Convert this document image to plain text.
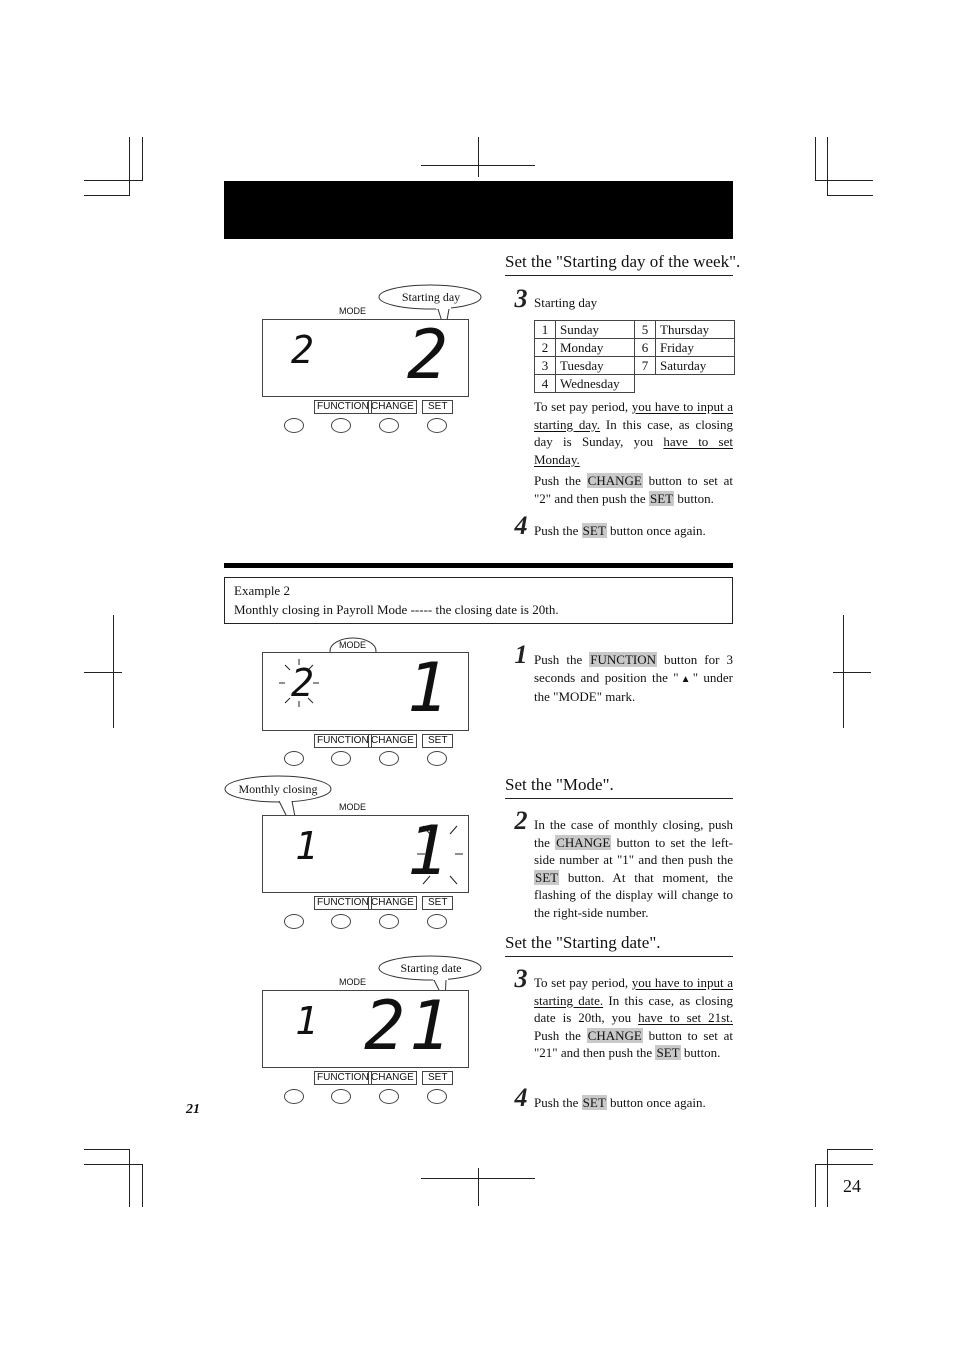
Set the "Starting day of the week".
3 Starting day
1	Sunday	5	Thursday
2	Monday	6	Friday
3	Tuesday	7	Saturday
4	Wednesday		
To set pay period, you have to input a starting day. In this case, as closing day is Sunday, you have to set Monday.
Push the CHANGE button to set at "2" and then push the SET button.
4 Push the SET button once again.
Starting day
MODE
2 2
FUNCTION CHANGE	SET
Example 2
Monthly closing in Payroll Mode ----- the closing date is 20th.
1 Push the FUNCTION button for 3 seconds and position the "▲" under the "MODE" mark.
MODE
2 1
FUNCTION CHANGE	SET
Set the "Mode".
2 In the case of monthly closing, push the CHANGE button to set the left-side number at "1" and then push the SET button. At that moment, the flashing of the display will change to the right-side number.
Monthly closing
MODE
1 1
FUNCTION CHANGE	SET
Set the "Starting date".
3 To set pay period, you have to input a starting date. In this case, as closing date is 20th, you have to set 21st. Push the CHANGE button to set at "21" and then push the SET button.
4 Push the SET button once again.
Starting date
MODE
1 21
FUNCTION CHANGE	SET
21
24
